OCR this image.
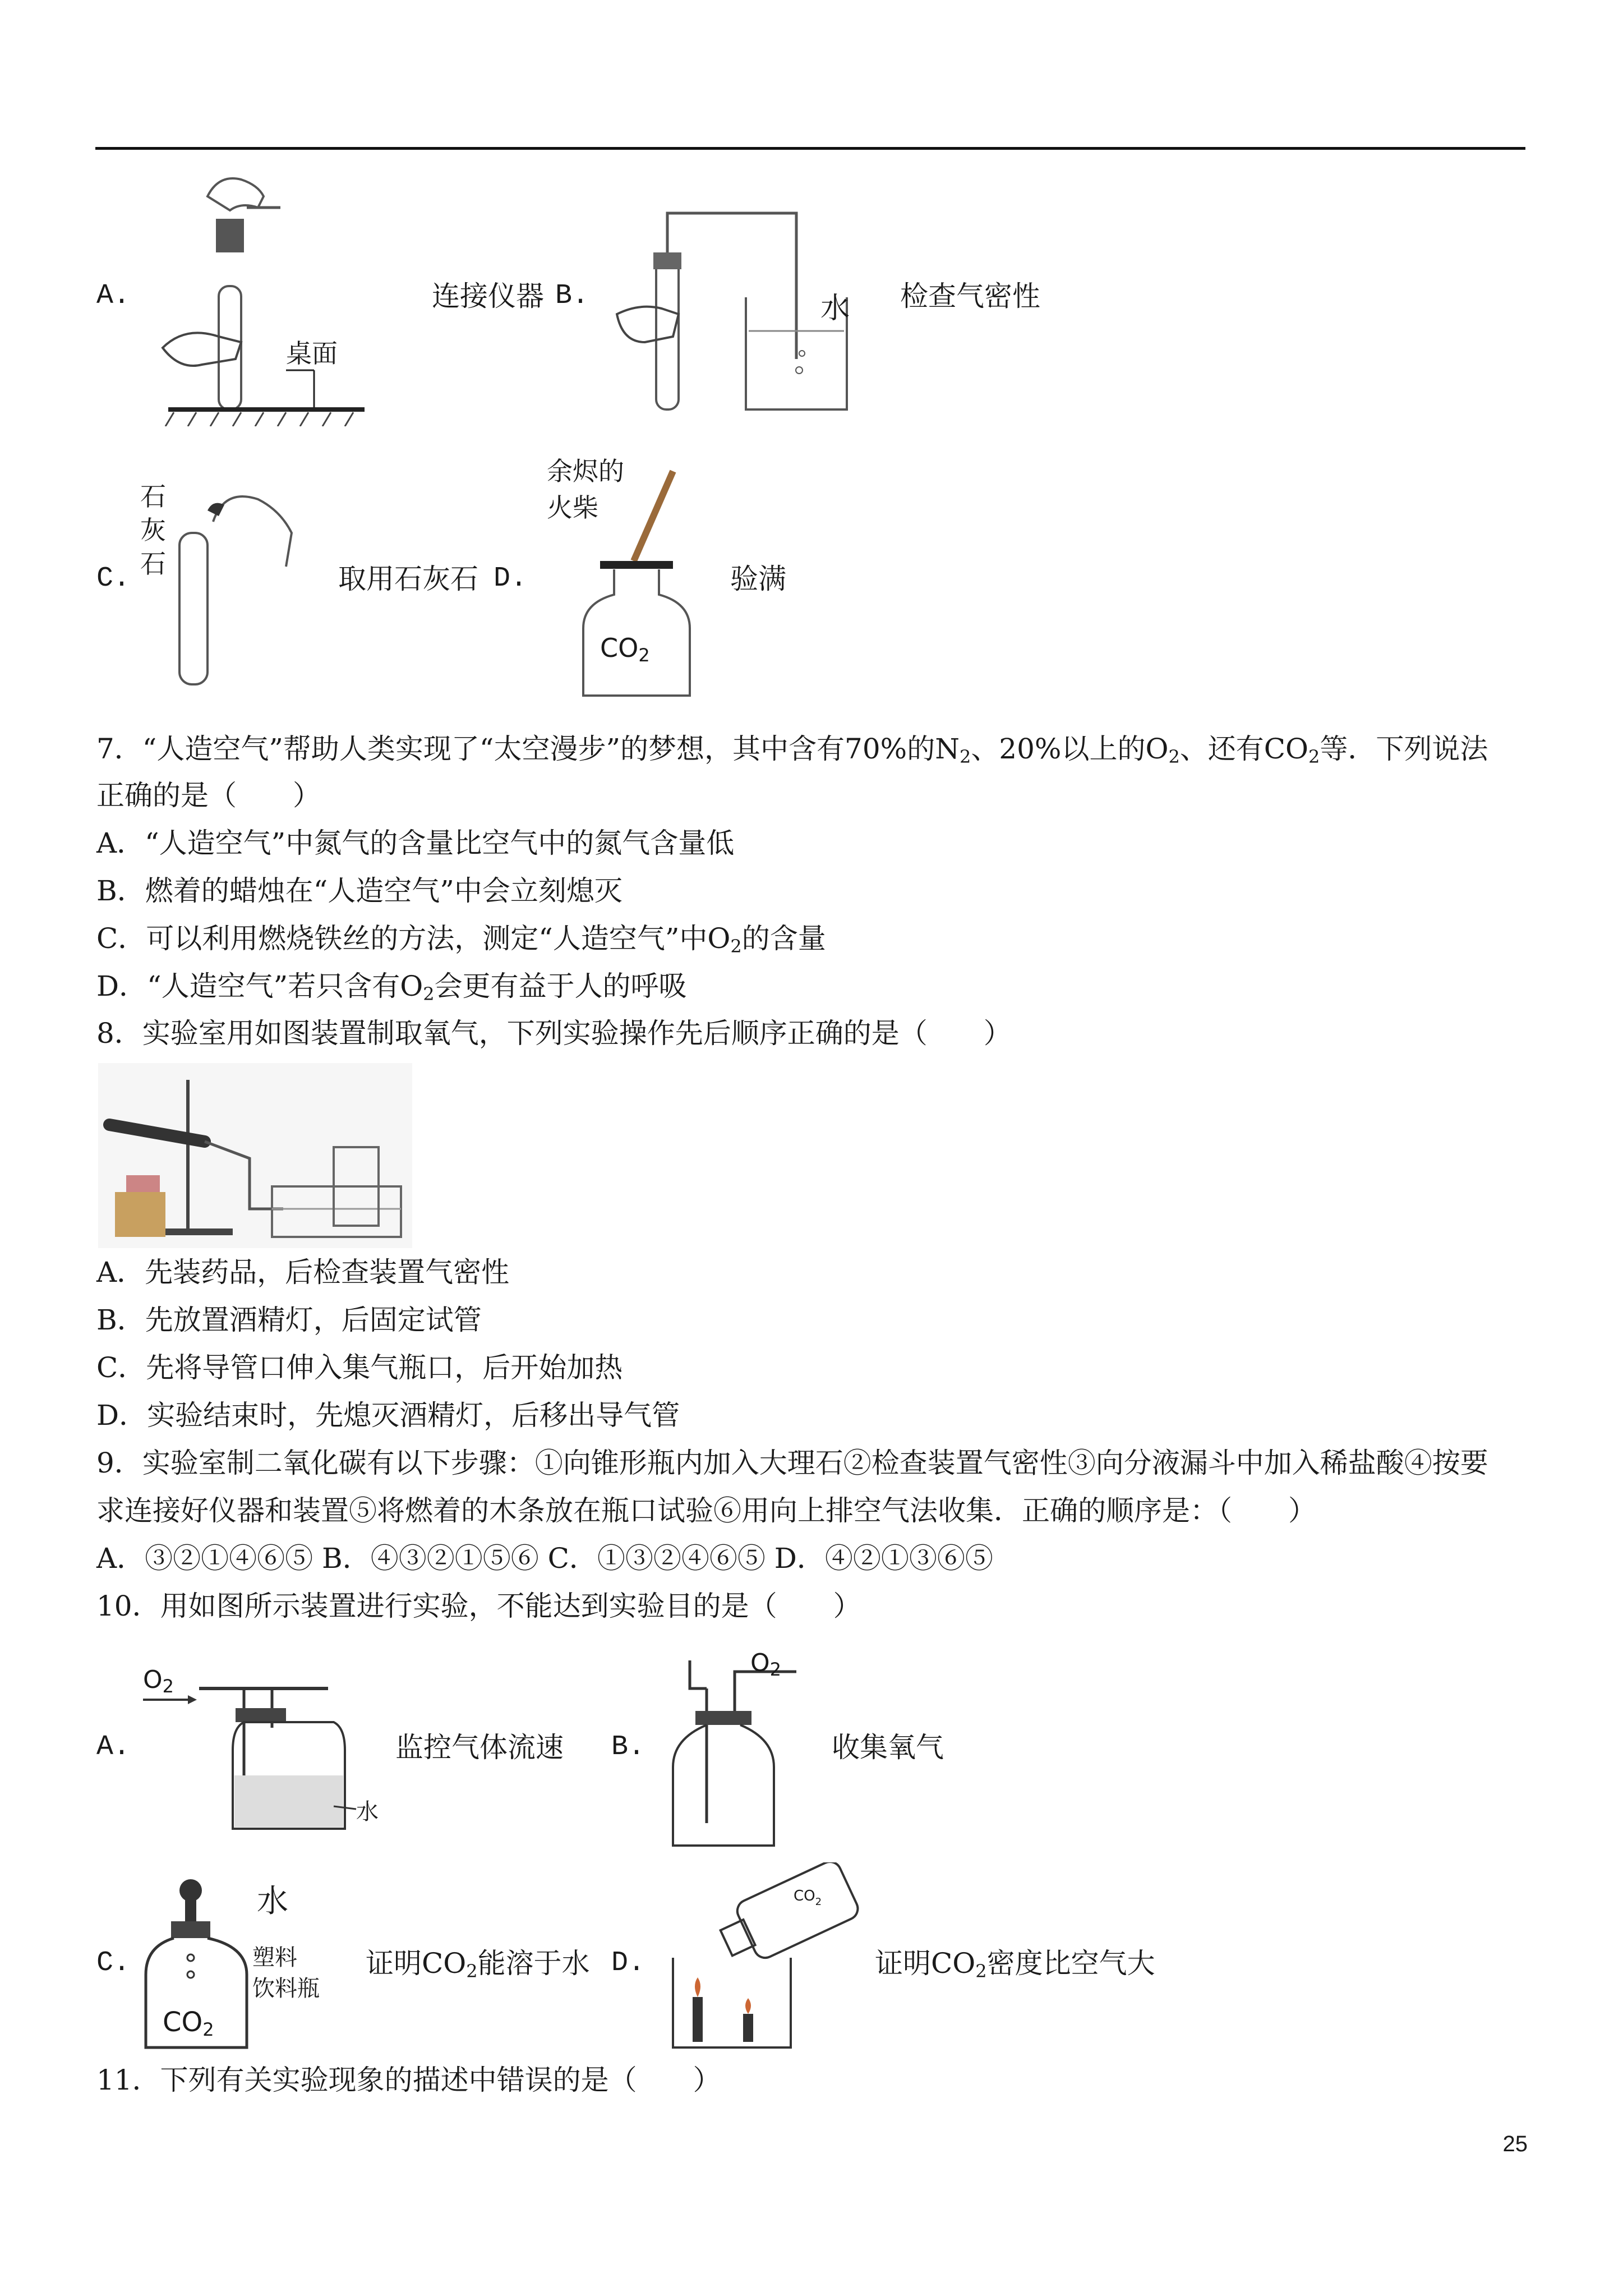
A.
桌面
连接仪器 B.	水 检查气密性
C.
石
灰
石	取用石灰石 D.
余烬的
火柴
$CO_2$
验满
7．“人造空气”帮助人类实现了“太空漫步”的梦想，其中含有70%的$N_2$、20%以上的$O_2$、还有$CO_2$等．下列说法
正确的是（　　）
A．“人造空气”中氮气的含量比空气中的氮气含量低
B．燃着的蜡烛在“人造空气”中会立刻熄灭
C．可以利用燃烧铁丝的方法，测定“人造空气”中$O_2$的含量
D．“人造空气”若只含有$O_2$会更有益于人的呼吸
8．实验室用如图装置制取氧气，下列实验操作先后顺序正确的是（　　）
A．先装药品，后检查装置气密性
B．先放置酒精灯，后固定试管
C．先将导管口伸入集气瓶口，后开始加热
D．实验结束时，先熄灭酒精灯，后移出导气管
9．实验室制二氧化碳有以下步骤：①向锥形瓶内加入大理石②检查装置气密性③向分液漏斗中加入稀盐酸④按要
求连接好仪器和装置⑤将燃着的木条放在瓶口试验⑥用向上排空气法收集．正确的顺序是：（　　）
A．③②①④⑥⑤ B．④③②①⑤⑥ C．①③②④⑥⑤ D．④②①③⑥⑤
10．用如图所示装置进行实验，不能达到实验目的是（　　）
A.
$O_2$
水
监控气体流速 B.
$O_2$
收集氧气
C.
水
塑料
饮料瓶
$CO_2$
证明$CO_2$能溶于水 D.
$CO_2$
证明$CO_2$密度比空气大
11．下列有关实验现象的描述中错误的是（　　）
25
